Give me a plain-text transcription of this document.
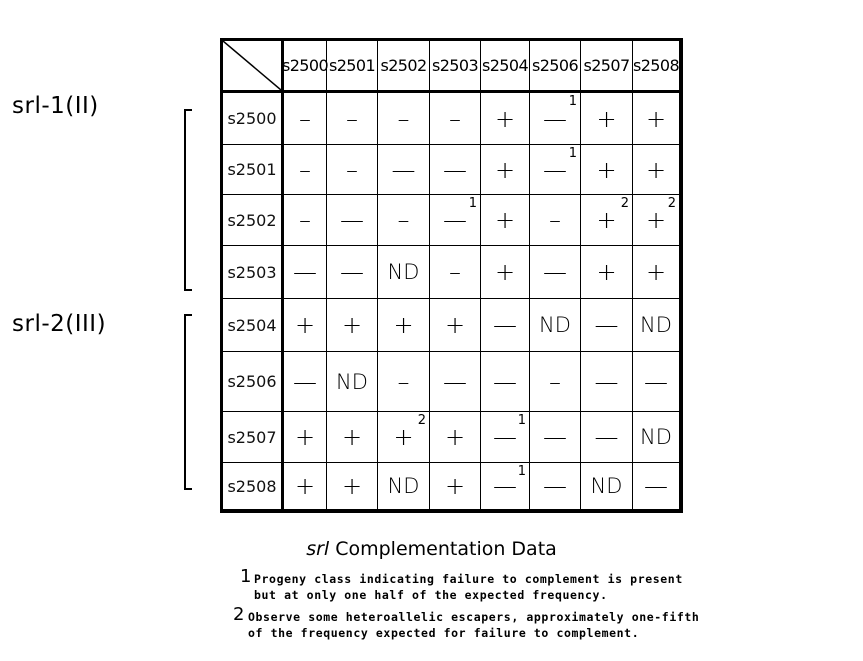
srl-1(II)
srl-2(III)
s2500 s2501 s2502 s2503 s2504 s2506 s2507 s2508
s2500 – – – – + —
1
+ +
s2501 – – — — + —
1
+ +
s2502 – — – —
1
+ – +
2
+
2
s2503 — — ND – + — + +
s2504 + + + + — ND — ND
s2506 — ND – — — – — —
s2507 + + +
2
+ —
1
— — ND
s2508 + + ND + —
1
— ND —
srl Complementation Data
1 Progeny class indicating failure to complement is present
but at only one half of the expected frequency.
2 Observe some heteroallelic escapers, approximately one-fifth
of the frequency expected for failure to complement.
